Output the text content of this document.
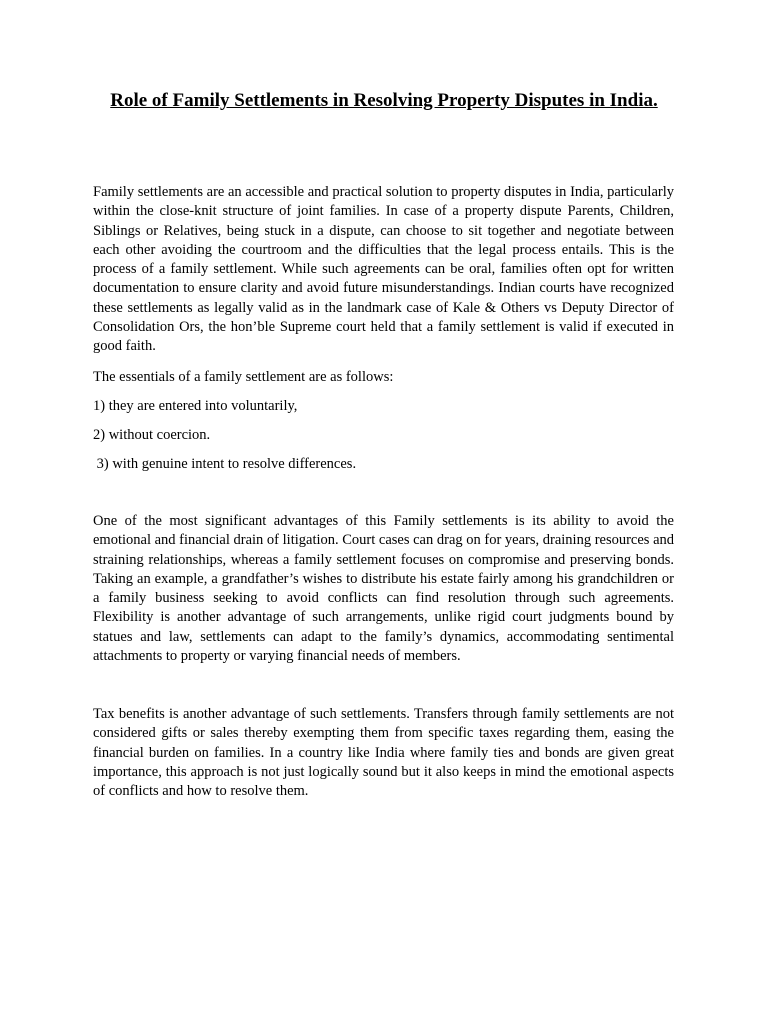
Role of Family Settlements in Resolving Property Disputes in India.

Family settlements are an accessible and practical solution to property disputes in India, particularly within the close-knit structure of joint families. In case of a property dispute Parents, Children, Siblings or Relatives, being stuck in a dispute, can choose to sit together and negotiate between each other avoiding the courtroom and the difficulties that the legal process entails. This is the process of a family settlement. While such agreements can be oral, families often opt for written documentation to ensure clarity and avoid future misunderstandings. Indian courts have recognized these settlements as legally valid as in the landmark case of Kale & Others vs Deputy Director of Consolidation Ors, the hon’ble Supreme court held that a family settlement is valid if executed in good faith.

The essentials of a family settlement are as follows:

1) they are entered into voluntarily,

2) without coercion.

3) with genuine intent to resolve differences.

One of the most significant advantages of this Family settlements is its ability to avoid the emotional and financial drain of litigation. Court cases can drag on for years, draining resources and straining relationships, whereas a family settlement focuses on compromise and preserving bonds. Taking an example, a grandfather’s wishes to distribute his estate fairly among his grandchildren or a family business seeking to avoid conflicts can find resolution through such agreements. Flexibility is another advantage of such arrangements, unlike rigid court judgments bound by statues and law, settlements can adapt to the family’s dynamics, accommodating sentimental attachments to property or varying financial needs of members.

Tax benefits is another advantage of such settlements. Transfers through family settlements are not considered gifts or sales thereby exempting them from specific taxes regarding them, easing the financial burden on families. In a country like India where family ties and bonds are given great importance, this approach is not just logically sound but it also keeps in mind the emotional aspects of conflicts and how to resolve them.
